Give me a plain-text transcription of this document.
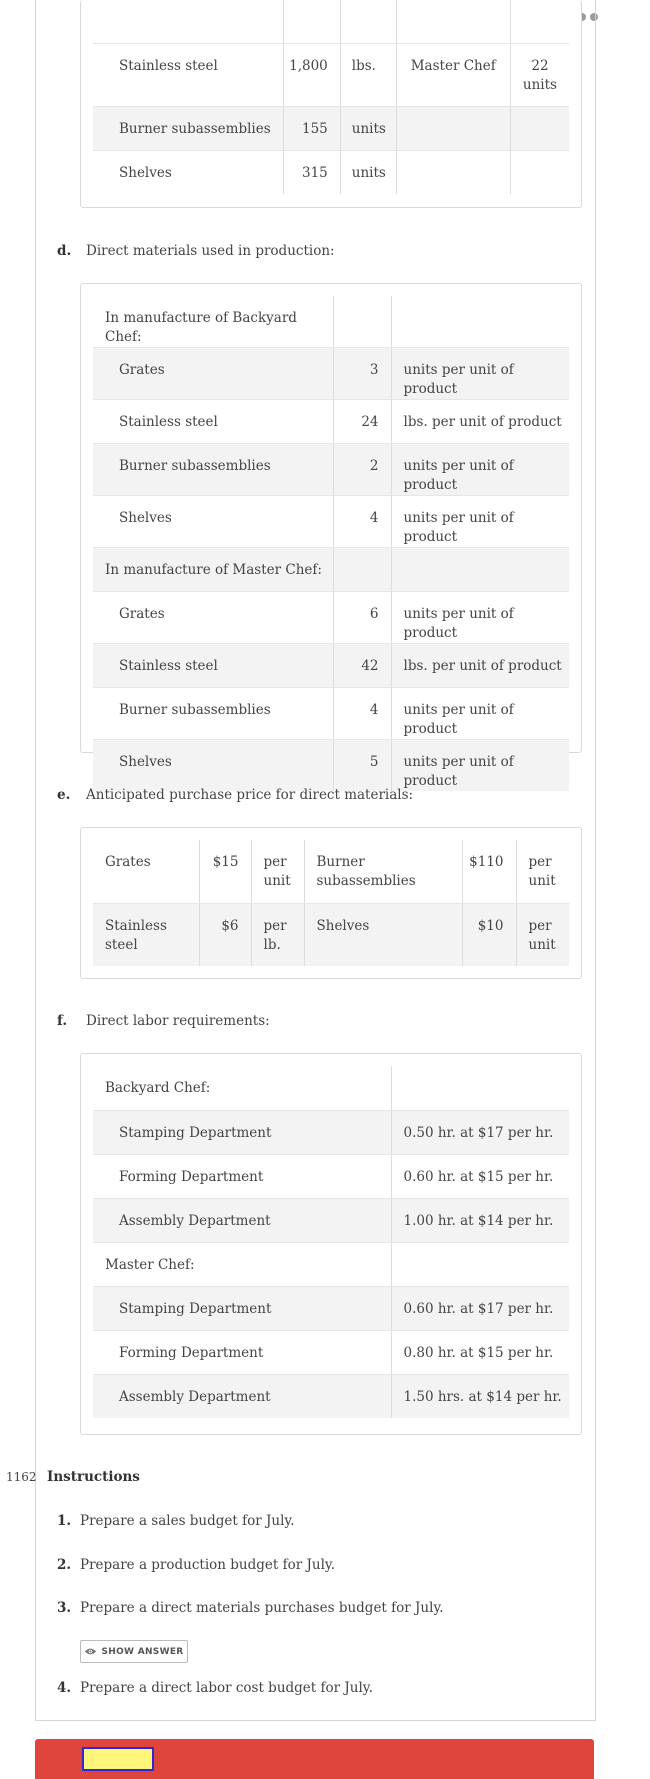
Stainless steel	1,800	lbs.	Master Chef	22 units
Burner subassemblies	155	units		
Shelves	315	units		
d. Direct materials used in production:
In manufacture of Backyard Chef:		
Grates	3	units per unit of product
Stainless steel	24	lbs. per unit of product
Burner subassemblies	2	units per unit of product
Shelves	4	units per unit of product
In manufacture of Master Chef:		
Grates	6	units per unit of product
Stainless steel	42	lbs. per unit of product
Burner subassemblies	4	units per unit of product
Shelves	5	units per unit of product
e. Anticipated purchase price for direct materials:
Grates	$15	per unit	Burner subassemblies	$110	per unit
Stainless steel	$6	per lb.	Shelves	$10	per unit
f. Direct labor requirements:
Backyard Chef:	
Stamping Department	0.50 hr. at $17 per hr.
Forming Department	0.60 hr. at $15 per hr.
Assembly Department	1.00 hr. at $14 per hr.
Master Chef:	
Stamping Department	0.60 hr. at $17 per hr.
Forming Department	0.80 hr. at $15 per hr.
Assembly Department	1.50 hrs. at $14 per hr.
1162 Instructions
1. Prepare a sales budget for July.
2. Prepare a production budget for July.
3. Prepare a direct materials purchases budget for July.
SHOW ANSWER
4. Prepare a direct labor cost budget for July.
